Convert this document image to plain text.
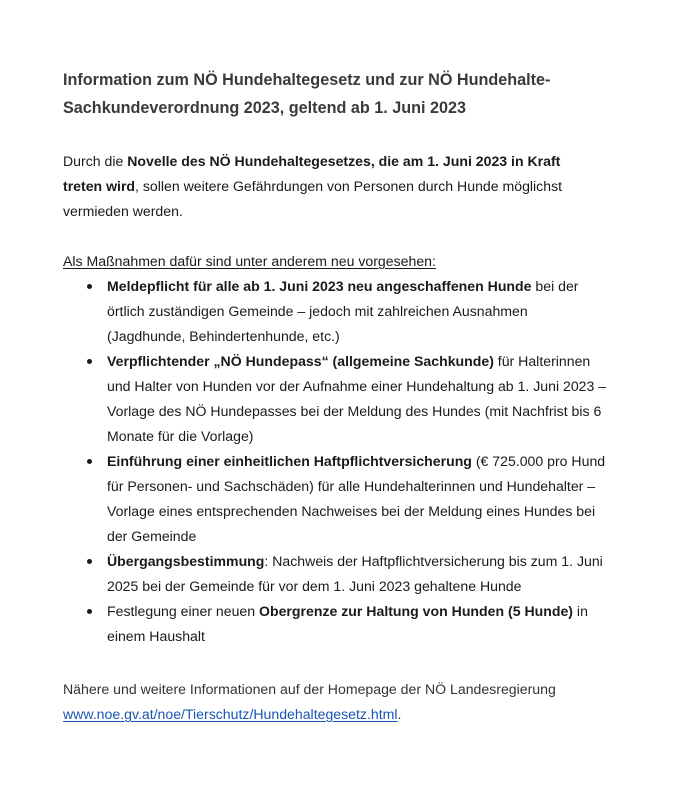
Information zum NÖ Hundehaltegesetz und zur NÖ Hundehalte-
Sachkundeverordnung 2023, geltend ab 1. Juni 2023

Durch die Novelle des NÖ Hundehaltegesetzes, die am 1. Juni 2023 in Kraft treten wird, sollen weitere Gefährdungen von Personen durch Hunde möglichst vermieden werden.

Als Maßnahmen dafür sind unter anderem neu vorgesehen:

Meldepflicht für alle ab 1. Juni 2023 neu angeschaffenen Hunde bei der örtlich zuständigen Gemeinde – jedoch mit zahlreichen Ausnahmen (Jagdhunde, Behindertenhunde, etc.)
Verpflichtender „NÖ Hundepass“ (allgemeine Sachkunde) für Halterinnen und Halter von Hunden vor der Aufnahme einer Hundehaltung ab 1. Juni 2023 – Vorlage des NÖ Hundepasses bei der Meldung des Hundes (mit Nachfrist bis 6 Monate für die Vorlage)
Einführung einer einheitlichen Haftpflichtversicherung (€ 725.000 pro Hund für Personen- und Sachschäden) für alle Hundehalterinnen und Hundehalter – Vorlage eines entsprechenden Nachweises bei der Meldung eines Hundes bei der Gemeinde
Übergangsbestimmung: Nachweis der Haftpflichtversicherung bis zum 1. Juni 2025 bei der Gemeinde für vor dem 1. Juni 2023 gehaltene Hunde
Festlegung einer neuen Obergrenze zur Haltung von Hunden (5 Hunde) in einem Haushalt

Nähere und weitere Informationen auf der Homepage der NÖ Landesregierung
www.noe.gv.at/noe/Tierschutz/Hundehaltegesetz.html.
